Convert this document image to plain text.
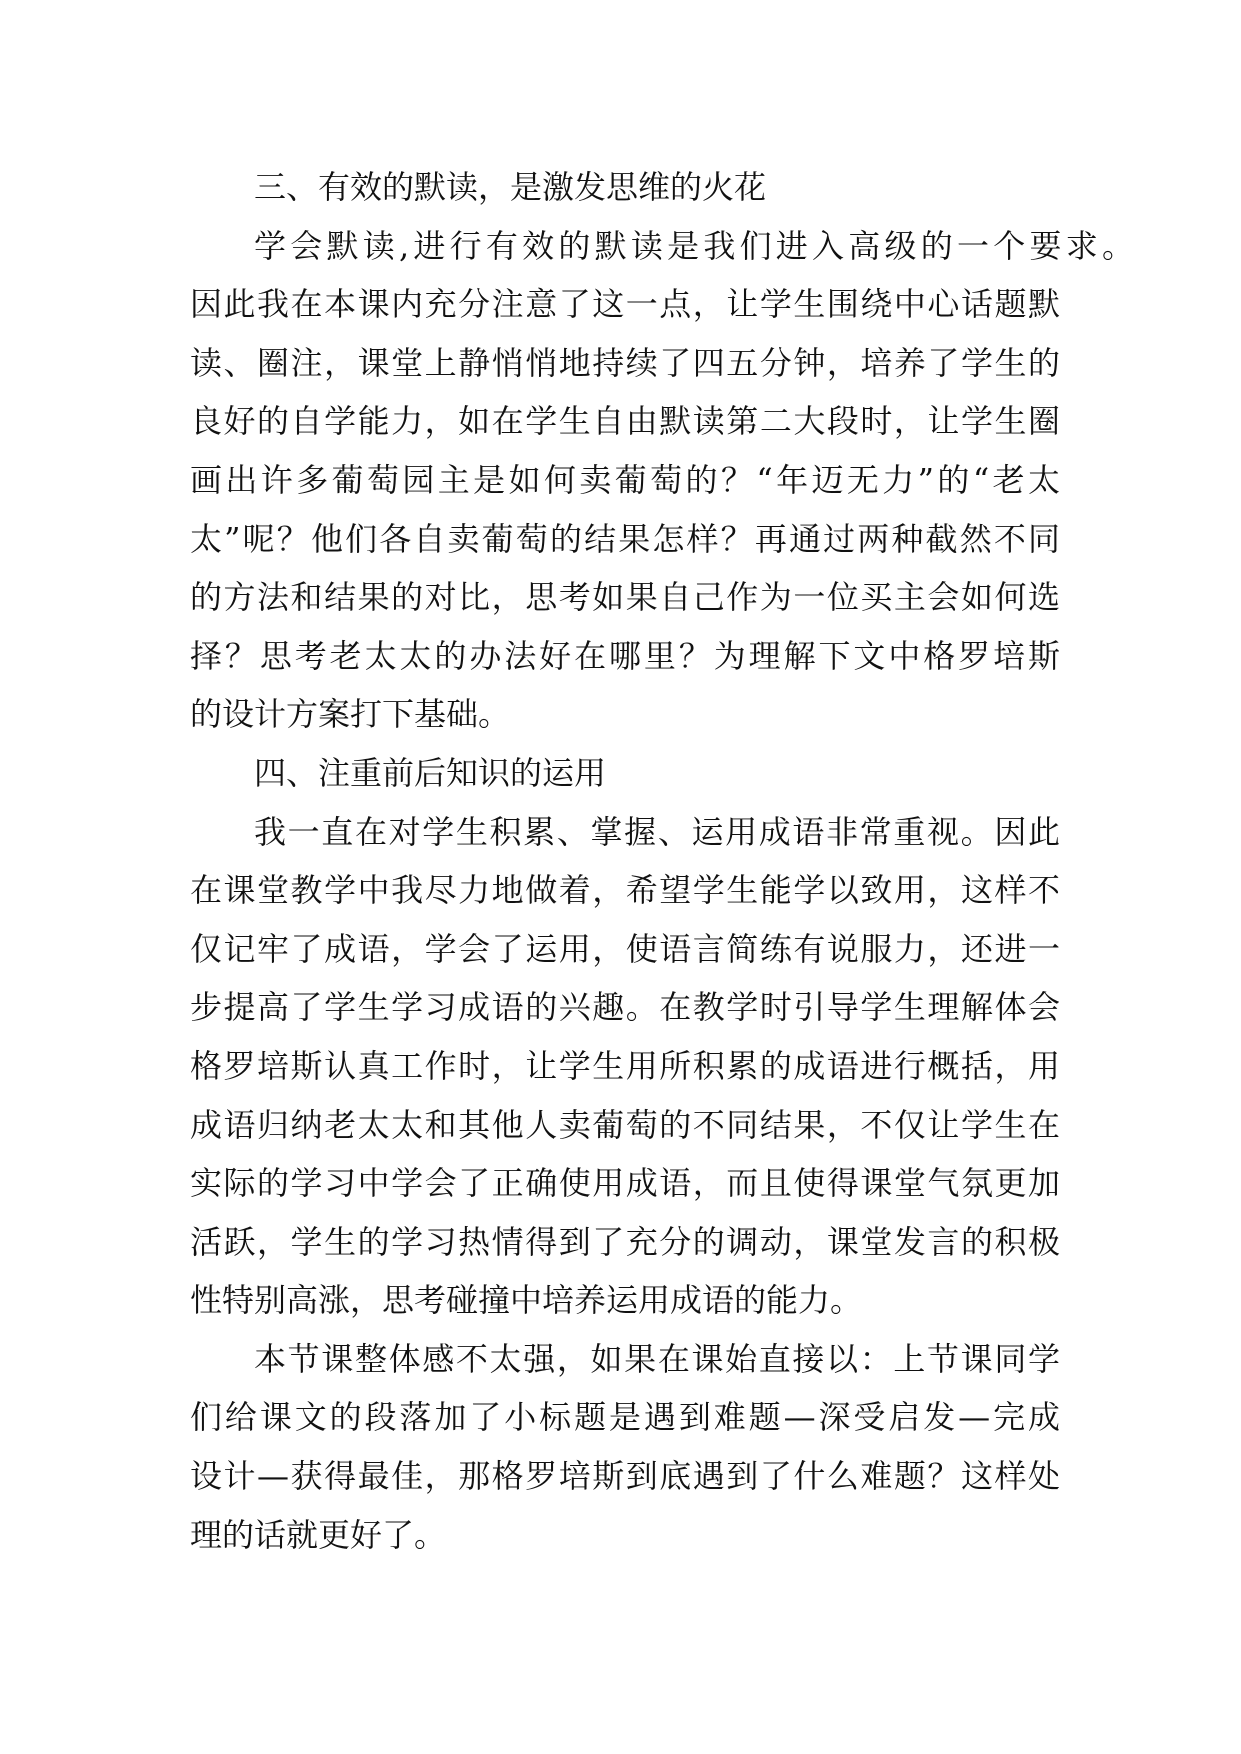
三、有效的默读，是激发思维的火花
学会默读,进行有效的默读是我们进入高级的一个要求。
因此我在本课内充分注意了这一点，让学生围绕中心话题默
读、圈注，课堂上静悄悄地持续了四五分钟，培养了学生的
良好的自学能力，如在学生自由默读第二大段时，让学生圈
画出许多葡萄园主是如何卖葡萄的？“年迈无力”的“老太
太”呢？他们各自卖葡萄的结果怎样？再通过两种截然不同
的方法和结果的对比，思考如果自己作为一位买主会如何选
择？思考老太太的办法好在哪里？为理解下文中格罗培斯
的设计方案打下基础。
四、注重前后知识的运用
我一直在对学生积累、掌握、运用成语非常重视。因此
在课堂教学中我尽力地做着，希望学生能学以致用，这样不
仅记牢了成语，学会了运用，使语言简练有说服力，还进一
步提高了学生学习成语的兴趣。在教学时引导学生理解体会
格罗培斯认真工作时，让学生用所积累的成语进行概括，用
成语归纳老太太和其他人卖葡萄的不同结果，不仅让学生在
实际的学习中学会了正确使用成语，而且使得课堂气氛更加
活跃，学生的学习热情得到了充分的调动，课堂发言的积极
性特别高涨，思考碰撞中培养运用成语的能力。
本节课整体感不太强，如果在课始直接以：上节课同学
们给课文的段落加了小标题是遇到难题—深受启发—完成
设计—获得最佳，那格罗培斯到底遇到了什么难题？这样处
理的话就更好了。
